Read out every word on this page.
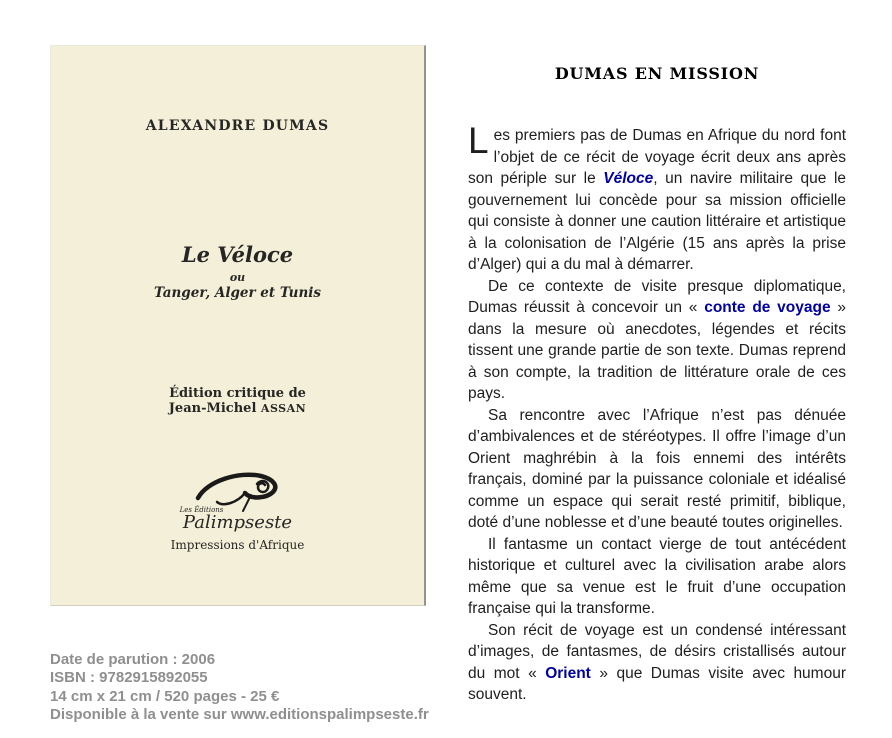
ALEXANDRE DUMAS
Le Véloce
ou
Tanger, Alger et Tunis
Édition critique de
Jean-Michel ASSAN
Les Éditions
Palimpseste
Impressions d'Afrique
DUMAS EN MISSION

Les premiers pas de Dumas en Afrique du nord font l’objet de ce récit de voyage écrit deux ans après son périple sur le Véloce, un navire militaire que le gouvernement lui concède pour sa mission officielle qui consiste à donner une caution littéraire et artistique à la colonisation de l’Algérie (15 ans après la prise d’Alger) qui a du mal à démarrer.

De ce contexte de visite presque diplomatique, Dumas réussit à concevoir un « conte de voyage » dans la mesure où anecdotes, légendes et récits tissent une grande partie de son texte. Dumas reprend à son compte, la tradition de littérature orale de ces pays.

Sa rencontre avec l’Afrique n’est pas dénuée d’ambivalences et de stéréotypes. Il offre l’image d’un Orient maghrébin à la fois ennemi des intérêts français, dominé par la puissance coloniale et idéalisé comme un espace qui serait resté primitif, biblique, doté d’une noblesse et d’une beauté toutes originelles.

Il fantasme un contact vierge de tout antécédent historique et culturel avec la civilisation arabe alors même que sa venue est le fruit d’une occupation française qui la transforme.

Son récit de voyage est un condensé intéressant d’images, de fantasmes, de désirs cristallisés autour du mot « Orient » que Dumas visite avec humour souvent.

Date de parution : 2006
ISBN : 9782915892055
14 cm x 21 cm / 520 pages - 25 €
Disponible à la vente sur www.editionspalimpseste.fr
